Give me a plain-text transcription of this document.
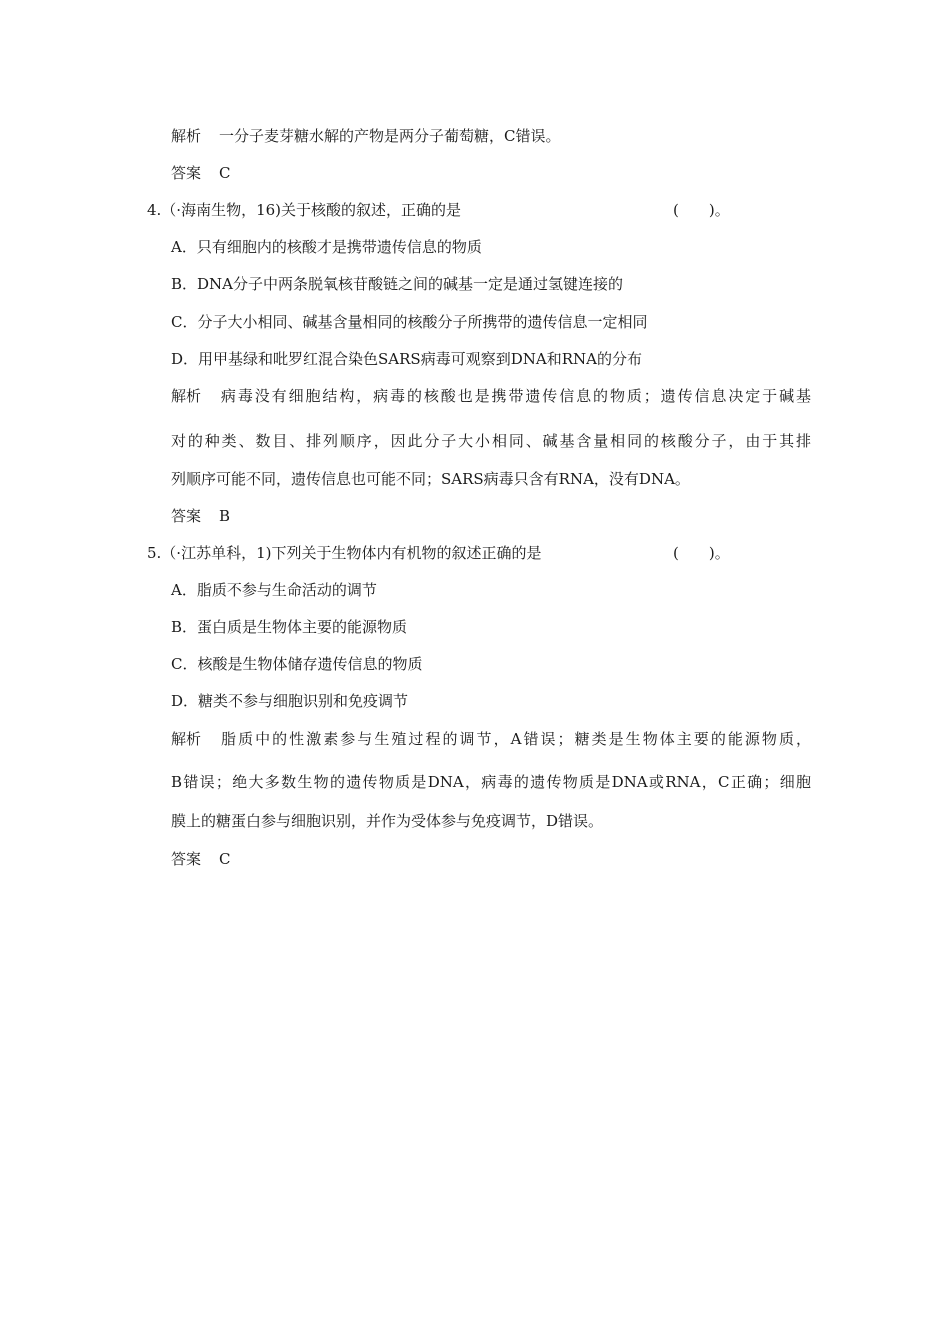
解析 一分子麦芽糖水解的产物是两分子葡萄糖，C错误。
答案 C
4.（·海南生物，16)关于核酸的叙述，正确的是	(　　)。
A．只有细胞内的核酸才是携带遗传信息的物质
B．DNA分子中两条脱氧核苷酸链之间的碱基一定是通过氢键连接的
C．分子大小相同、碱基含量相同的核酸分子所携带的遗传信息一定相同
D．用甲基绿和吡罗红混合染色SARS病毒可观察到DNA和RNA的分布
解析 病毒没有细胞结构，病毒的核酸也是携带遗传信息的物质；遗传信息决定于碱基
对的种类、数目、排列顺序，因此分子大小相同、碱基含量相同的核酸分子，由于其排
列顺序可能不同，遗传信息也可能不同；SARS病毒只含有RNA，没有DNA。
答案 B
5.（·江苏单科，1)下列关于生物体内有机物的叙述正确的是	(　　)。
A．脂质不参与生命活动的调节
B．蛋白质是生物体主要的能源物质
C．核酸是生物体储存遗传信息的物质
D．糖类不参与细胞识别和免疫调节
解析 脂质中的性激素参与生殖过程的调节，A错误；糖类是生物体主要的能源物质，
B错误；绝大多数生物的遗传物质是DNA，病毒的遗传物质是DNA或RNA，C正确；细胞
膜上的糖蛋白参与细胞识别，并作为受体参与免疫调节，D错误。
答案 C
